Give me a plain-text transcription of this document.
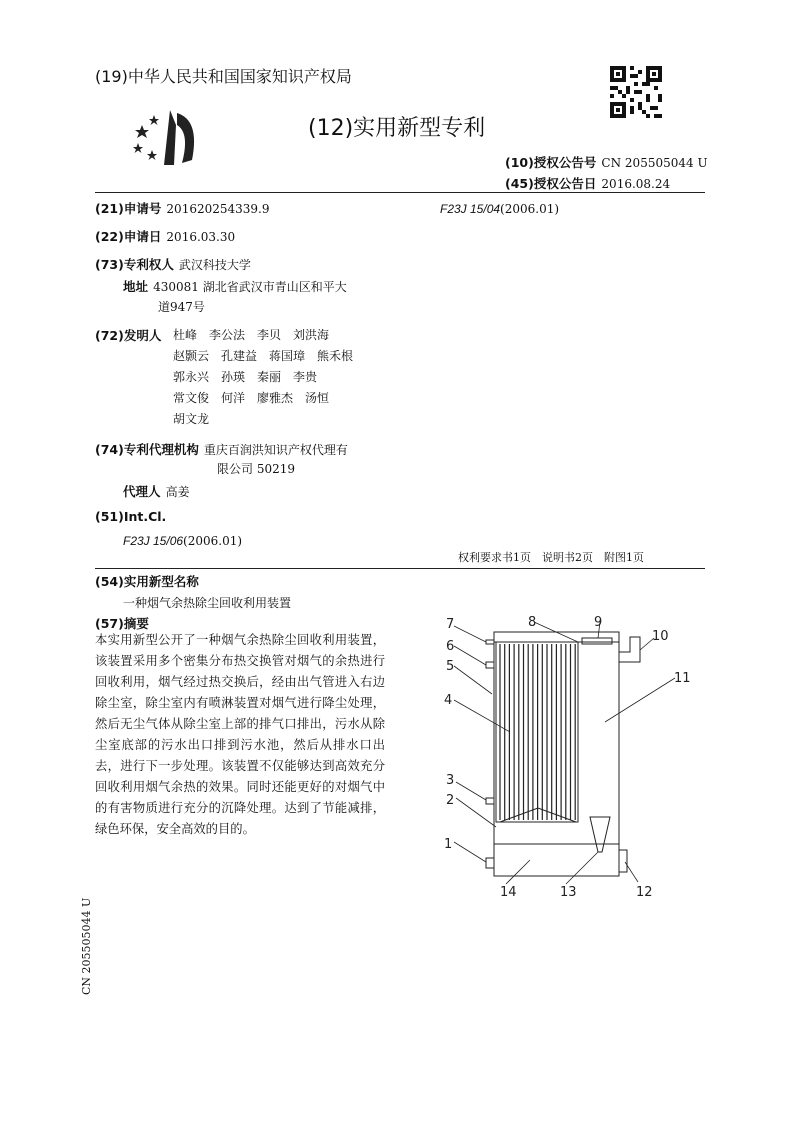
(19)中华人民共和国国家知识产权局
(12)实用新型专利
(10)授权公告号 CN 205505044 U
(45)授权公告日 2016.08.24
(21)申请号 201620254339.9	F23J 15/04(2006.01)
(22)申请日 2016.03.30
(73)专利权人 武汉科技大学
地址 430081 湖北省武汉市青山区和平大
道947号
(72)发明人 杜峰　李公法　李贝　刘洪海
赵颢云　孔建益　蒋国璋　熊禾根
郭永兴　孙瑛　秦丽　李贵
常文俊　何洋　廖雅杰　汤恒
胡文龙
(74)专利代理机构 重庆百润洪知识产权代理有
限公司 50219
代理人 高姜
(51)Int.Cl.
F23J 15/06(2006.01)
权利要求书1页　说明书2页　附图1页
(54)实用新型名称
一种烟气余热除尘回收利用装置
(57)摘要
本实用新型公开了一种烟气余热除尘回收利用装置，该装置采用多个密集分布热交换管对烟气的余热进行回收利用，烟气经过热交换后，经由出气管进入右边除尘室，除尘室内有喷淋装置对烟气进行降尘处理，然后无尘气体从除尘室上部的排气口排出，污水从除尘室底部的污水出口排到污水池，然后从排水口出去，进行下一步处理。该装置不仅能够达到高效充分回收利用烟气余热的效果。同时还能更好的对烟气中的有害物质进行充分的沉降处理。达到了节能减排，绿色环保，安全高效的目的。
CN 205505044 U
1
2
3
4
5
6
7	8	9
10
11
12
13
14
